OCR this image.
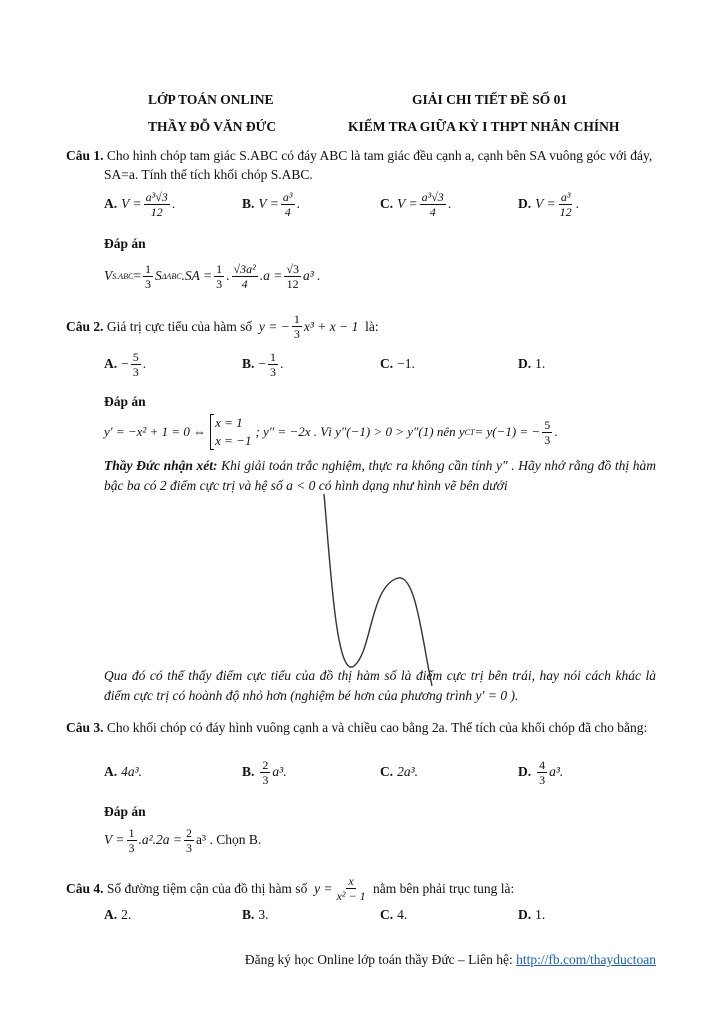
LỚP TOÁN ONLINE
THẦY ĐỖ VĂN ĐỨC
GIẢI CHI TIẾT ĐỀ SỐ 01
KIỂM TRA GIỮA KỲ I THPT NHÂN CHÍNH
Câu 1. Cho hình chóp tam giác S.ABC có đáy ABC là tam giác đều cạnh a, cạnh bên SA vuông góc với đáy, SA=a. Tính thể tích khối chóp S.ABC.
A. $V = \frac{\text{a³√3}}{12}$ .	B. $V = \frac{\text{a³}}{4}$ .	C. $V = \frac{\text{a³√3}}{4}$ .	D. $V = \frac{\text{a³}}{12}$ .
Đáp án
V $S.ABC = \frac{1}{3}$ S ΔABC $.SA = \frac{1}{3}$ . $\frac{\text{√3a²}}{4} .a = \frac{√3}{12} a^3$ .
Câu 2.
Giá trị cực tiểu của hàm số
y = − $\frac{1}{3} x^3 + x - 1$
là:
A. − $\frac{5}{3}$ .	B. − $\frac{1}{3}$ .	C. −1.	D. 1.
Đáp án
y′ = −x² + 1 = 0 ⇔
x = 1
x = −1
; y″ = −2x . Vì y″(−1) > 0 > y″(1) nên y CT = y(−1) = − $\frac{5}{3}$ .
Thầy Đức nhận xét: Khi giải toán trắc nghiệm, thực ra không cần tính y″ . Hãy nhớ rằng đồ thị hàm bậc ba có 2 điểm cực trị và hệ số a < 0 có hình dạng như hình vẽ bên dưới
Qua đó có thể thấy điểm cực tiểu của đồ thị hàm số là điểm cực trị bên trái, hay nói cách khác là điểm cực trị có hoành độ nhỏ hơn (nghiệm bé hơn của phương trình y′ = 0 ).
Câu 3. Cho khối chóp có đáy hình vuông cạnh a và chiều cao bằng 2a. Thể tích của khối chóp đã cho bằng:
A. 4a³.	B. $\frac{2}{3} a^3$.	C. 2a³.	D. $\frac{4}{3} a^3$.
Đáp án
$V = \frac{1}{3} .a^2.2a = \frac{2}{3} a^3$ . Chọn B.
Câu 4.
Số đường tiệm cận của đồ thị hàm số
$y = \frac{x}{\text{x² − 1}}$
nằm bên phải trục tung là:
A. 2.	B. 3.	C. 4.	D. 1.
Đăng ký học Online lớp toán thầy Đức – Liên hệ: http://fb.com/thayductoan
